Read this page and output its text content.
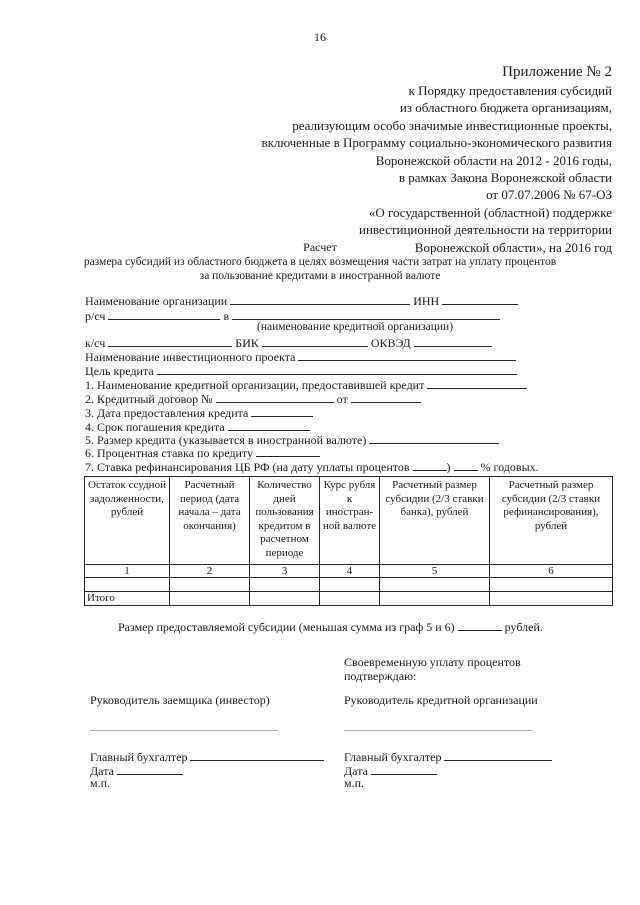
16
Приложение № 2
к Порядку предоставления субсидий
из областного бюджета организациям,
реализующим особо значимые инвестиционные проекты,
включенные в Программу социально-экономического развития
Воронежской области на 2012 - 2016 годы,
в рамках Закона Воронежской области
от 07.07.2006 № 67-ОЗ
«О государственной (областной) поддержке
инвестиционной деятельности на территории
Воронежской области», на 2016 год
Расчет
размера субсидий из областного бюджета в целях возмещения части затрат на уплату процентов
за пользование кредитами в иностранной валюте
Наименование организации	ИНН
р/сч	в
(наименование кредитной организации)
к/сч	БИК	ОКВЭД
Наименование инвестиционного проекта
Цель кредита
1. Наименование кредитной организации, предоставившей кредит
2. Кредитный договор №	от
3. Дата предоставления кредита
4. Срок погашения кредита
5. Размер кредита (указывается в иностранной валюте)
6. Процентная ставка по кредиту
7. Ставка рефинансирования ЦБ РФ (на дату уплаты процентов	)	% годовых.
Остаток ссудной задолженности, рублей	Расчетный период (дата начала – дата окончания)	Количество дней пользования кредитом в расчетном периоде	Курс рубля к иностран-ной валюте	Расчетный размер субсидии (2/3 ставки банка), рублей	Расчетный размер субсидии (2/3 ставки рефинансирования), рублей
1	2	3	4	5	6

Итого					
Размер предоставляемой субсидии (меньшая сумма из граф 5 и 6)	рублей.
Своевременную уплату процентов
подтверждаю:
Руководитель заемщика (инвестор)
Главный бухгалтер
Дата
м.п.
Руководитель кредитной организации
Главный бухгалтер
Дата
м.п.
